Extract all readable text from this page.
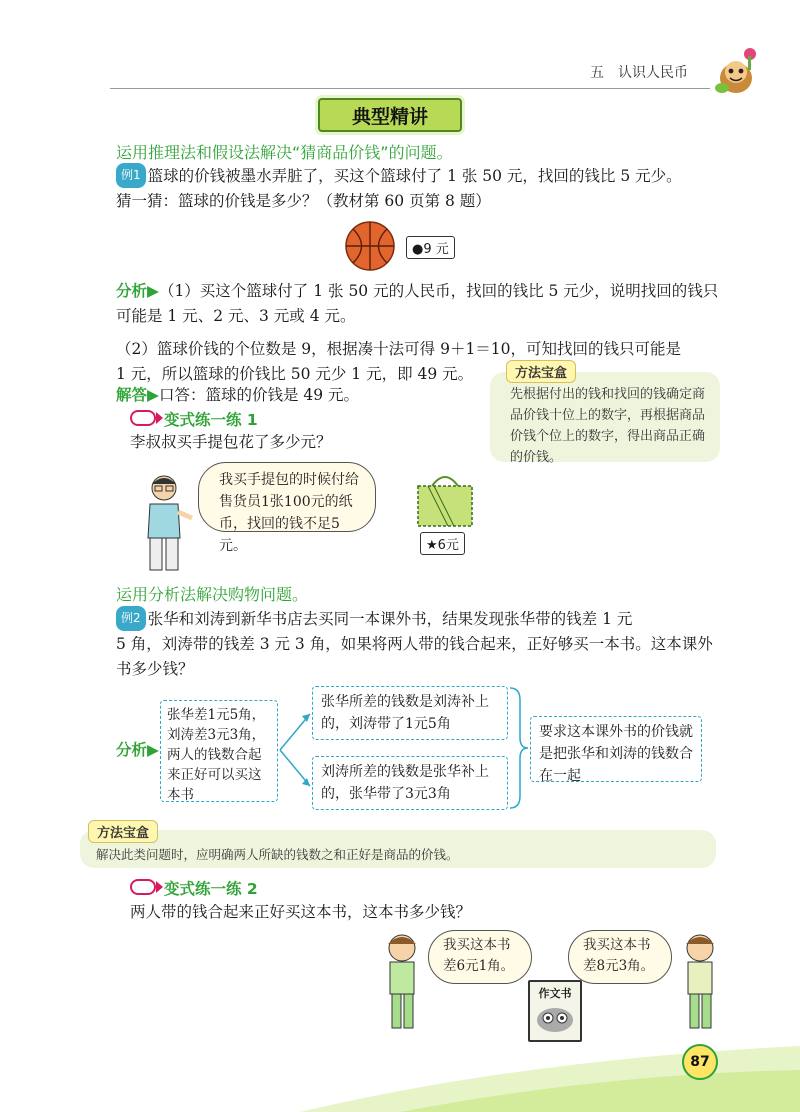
五　认识人民币
典型精讲
运用推理法和假设法解决“猜商品价钱”的问题。
例1 篮球的价钱被墨水弄脏了，买这个篮球付了 1 张 50 元，找回的钱比 5 元少。
猜一猜：篮球的价钱是多少？（教材第 60 页第 8 题）
●9 元
分析▶（1）买这个篮球付了 1 张 50 元的人民币，找回的钱比 5 元少，说明找回的钱只
可能是 1 元、2 元、3 元或 4 元。
（2）篮球价钱的个位数是 9，根据凑十法可得 9＋1＝10，可知找回的钱只可能是
1 元，所以篮球的价钱比 50 元少 1 元，即 49 元。
解答▶口答：篮球的价钱是 49 元。	先根据付出的钱和找回的钱确定商品价钱十位上的数字，再根据商品价钱个位上的数字，得出商品正确的价钱。
方法宝盒
变式练一练 1
李叔叔买手提包花了多少元？
我买手提包的时候付给售货员1张100元的纸币，找回的钱不足5元。	★6元
运用分析法解决购物问题。
例2 张华和刘涛到新华书店去买同一本课外书，结果发现张华带的钱差 1 元
5 角，刘涛带的钱差 3 元 3 角，如果将两人带的钱合起来，正好够买一本书。这本课外
书多少钱？
分析▶
张华差1元5角，刘涛差3元3角，两人的钱数合起来正好可以买这本书
张华所差的钱数是刘涛补上的，刘涛带了1元5角
刘涛所差的钱数是张华补上的，张华带了3元3角
要求这本课外书的价钱就是把张华和刘涛的钱数合在一起
解决此类问题时，应明确两人所缺的钱数之和正好是商品的价钱。
方法宝盒
变式练一练 2
两人带的钱合起来正好买这本书，这本书多少钱？
我买这本书差6元1角。
作文书
我买这本书差8元3角。
87
